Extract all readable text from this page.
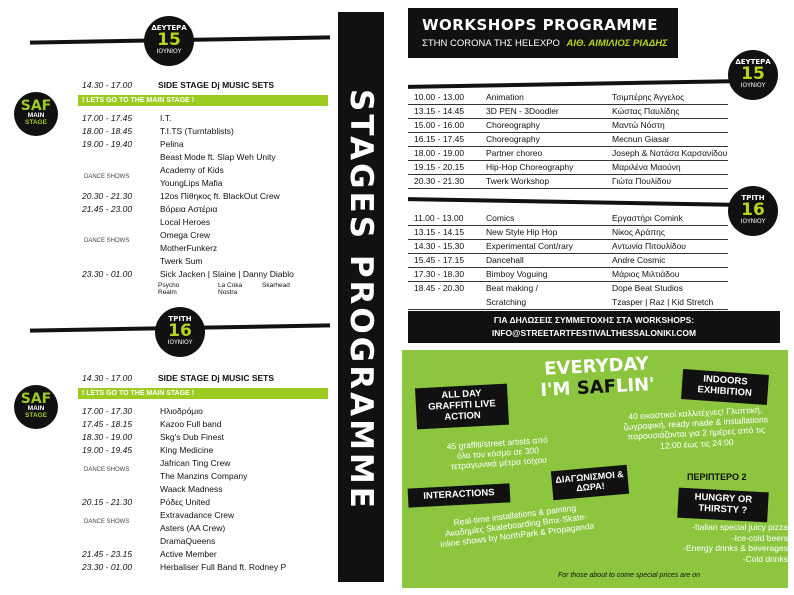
ΔΕΥΤΕΡΑ
15
ΙΟΥΝΙΟΥ
14.30 - 17.00	SIDE STAGE Dj MUSIC SETS
! LETS GO TO THE MAIN STAGE !
SAF
MAIN
STAGE	17.00 - 17.45	I.T.
18.00 - 18.45	T.I.TS (Turntablists)
19.00 - 19.40	Pelina
Beast Mode ft. Slap Weh Unity
Academy of Kids
YoungLips Mafia
20.30 - 21.30	12os Πίθηκος ft. BlackOut Crew
21.45 - 23.00	Βόρεια Αστέρια
Local Heroes
Omega Crew
MotherFunkerz
Twerk Sum
23.30 - 01.00	Sick Jacken | Slaine | Danny Diablo
DANCE SHOWS
DANCE SHOWS
Psycho
Realm
La Coka
Nostra
Skarhead
ΤΡΙΤΗ
16
ΙΟΥΝΙΟΥ
14.30 - 17.00	SIDE STAGE Dj MUSIC SETS
! LETS GO TO THE MAIN STAGE !
SAF
MAIN
STAGE	17.00 - 17.30	Ηλιοδρόμιο
17.45 - 18.15	Kazoo Full band
18.30 - 19.00	Skg's Dub Finest
19.00 - 19.45	King Medicine
Jafrican Ting Crew
The Manzins Company
Waack Madness
20.15 - 21.30	Ρόδες United
Extravadance Crew
Asters (AA Crew)
DramaQueens
21.45 - 23.15	Active Member
23.30 - 01.00	Herbaliser Full Band ft. Rodney P
DANCE SHOWS
DANCE SHOWS
STAGES PROGRAMME
WORKSHOPS PROGRAMME
ΣΤΗΝ CORONA ΤΗΣ HELEXPO ΑΙΘ. ΑΙΜΙΛΙΟΣ ΡΙΑΔΗΣ
ΔΕΥΤΕΡΑ
15
ΙΟΥΝΙΟΥ
10.00 - 13.00	Animation	Τσιμπέρης Άγγελος
13.15 - 14.45	3D PEN - 3Doodler	Κώστας Παυλίδης
15.00 - 16.00	Choreography	Μαντώ Νόστη
16.15 - 17.45	Choreography	Mecnun Giasar
18.00 - 19.00	Partner choreo	Joseph & Νατάσα Καρσανίδου
19.15 - 20.15	Hip-Hop Choreography	Μαριλένα Μαούνη
20.30 - 21.30	Twerk Workshop	Γιώτα Πουλίδου
ΤΡΙΤΗ
16
ΙΟΥΝΙΟΥ
11.00 - 13.00	Comics	Εργαστήρι Comink
13.15 - 14.15	New Style Hip Hop	Νίκος Αράπης
14.30 - 15.30	Experimental Cont/rary	Αντωνία Πιτουλίδου
15.45 - 17.15	Dancehall	Andre Cosmic
17.30 - 18.30	Bimboy Voguing	Μάριος Μιλτιάδου
18.45 - 20.30	Beat making /	Dope Beat Studios
Scratching	Tzasper | Raz | Kid Stretch
ΓΙΑ ΔΗΛΩΣΕΙΣ ΣΥΜΜΕΤΟΧΗΣ ΣΤΑ WORKSHOPS:
INFO@STREETARTFESTIVALTHESSALONIKI.COM
EVERYDAY
I'M SAFLIN'
ALL DAY GRAFFITI LIVE ACTION
45 graffiti/street artists από όλο τον κόσμο σε 300 τετραγωνικά μέτρα τοίχου
INDOORS EXHIBITION
40 εικαστικοί καλλιτέχνες! Γλυπτική, ζωγραφική, ready made & installations παρουσιάζονται για 2 ημέρες από τις 12:00 έως τις 24:00
ΠΕΡΙΠΤΕΡΟ 2
ΔΙΑΓΩΝΙΣΜΟΙ & ΔΩΡΑ!
INTERACTIONS
Real-time installations & painting Ακαδημίες Skateboarding Bmx-Skate-inline shows by NorthPark & Propaganda
HUNGRY OR THIRSTY ?
-Italian special juicy pizza
-Ice-cold beers
-Energy drinks & beverages
-Cold drinks
For those about to come special prices are on
